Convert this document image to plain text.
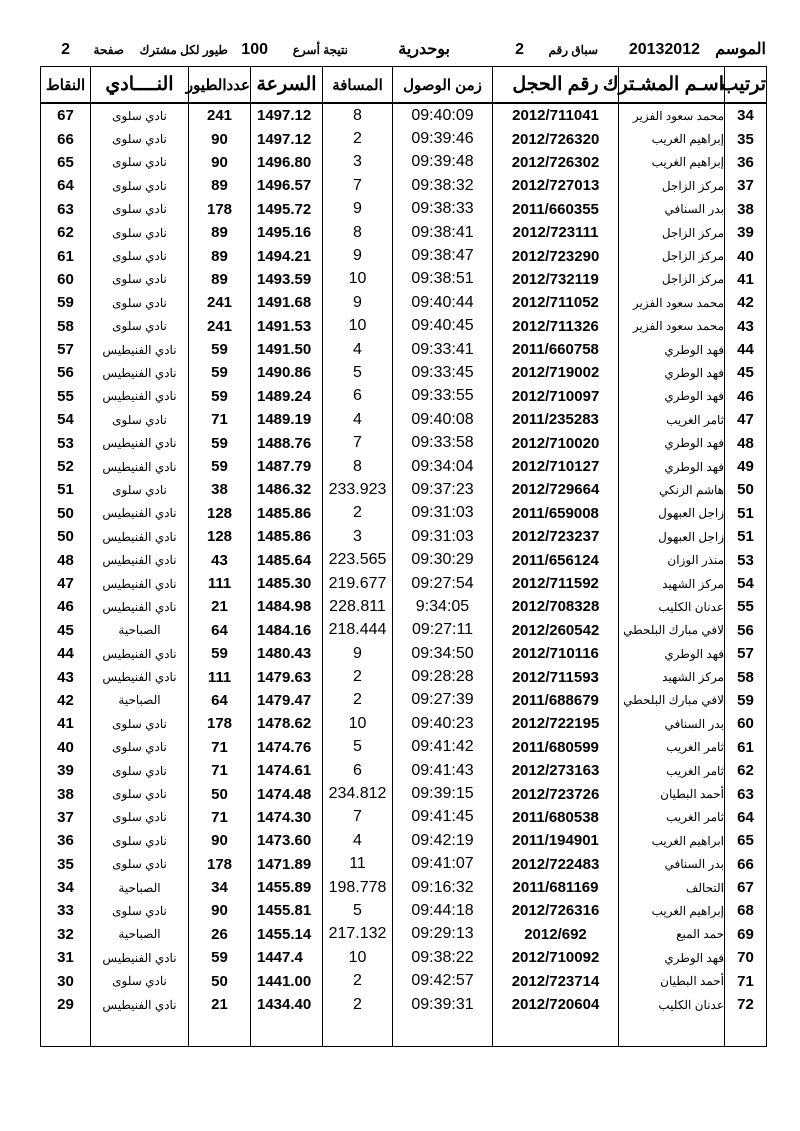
الموسم
20132012
سباق رقم
2
بوحدرية
نتيجة أسرع
100
طيور لكل مشترك
صفحة
2
ترتيب	اسـم المشـترك	رقم الحجل	زمن الوصول	المسافة	السرعة	عددالطيور	النــــادي	النقاط
34	محمد سعود الفزير	2012/711041	09:40:09	8	1497.12	241	نادي سلوى	67
35	إبراهيم الغريب	2012/726320	09:39:46	2	1497.12	90	نادي سلوى	66
36	إبراهيم الغريب	2012/726302	09:39:48	3	1496.80	90	نادي سلوى	65
37	مركز الزاجل	2012/727013	09:38:32	7	1496.57	89	نادي سلوى	64
38	بدر السنافي	2011/660355	09:38:33	9	1495.72	178	نادي سلوى	63
39	مركز الزاجل	2012/723111	09:38:41	8	1495.16	89	نادي سلوى	62
40	مركز الزاجل	2012/723290	09:38:47	9	1494.21	89	نادي سلوى	61
41	مركز الزاجل	2012/732119	09:38:51	10	1493.59	89	نادي سلوى	60
42	محمد سعود الفزير	2012/711052	09:40:44	9	1491.68	241	نادي سلوى	59
43	محمد سعود الفزير	2012/711326	09:40:45	10	1491.53	241	نادي سلوى	58
44	فهد الوطري	2011/660758	09:33:41	4	1491.50	59	نادي الفنيطيس	57
45	فهد الوطري	2012/719002	09:33:45	5	1490.86	59	نادي الفنيطيس	56
46	فهد الوطري	2012/710097	09:33:55	6	1489.24	59	نادي الفنيطيس	55
47	ثامر الغريب	2011/235283	09:40:08	4	1489.19	71	نادي سلوى	54
48	فهد الوطري	2012/710020	09:33:58	7	1488.76	59	نادي الفنيطيس	53
49	فهد الوطري	2012/710127	09:34:04	8	1487.79	59	نادي الفنيطيس	52
50	هاشم الزنكي	2012/729664	09:37:23	233.923	1486.32	38	نادي سلوى	51
51	زاجل العبهول	2011/659008	09:31:03	2	1485.86	128	نادي الفنيطيس	50
51	زاجل العبهول	2012/723237	09:31:03	3	1485.86	128	نادي الفنيطيس	50
53	منذر الوزان	2011/656124	09:30:29	223.565	1485.64	43	نادي الفنيطيس	48
54	مركز الشهيد	2012/711592	09:27:54	219.677	1485.30	111	نادي الفنيطيس	47
55	عدنان الكليب	2012/708328	9:34:05	228.811	1484.98	21	نادي الفنيطيس	46
56	لافي مبارك البلحطي	2012/260542	09:27:11	218.444	1484.16	64	الصباحية	45
57	فهد الوطري	2012/710116	09:34:50	9	1480.43	59	نادي الفنيطيس	44
58	مركز الشهيد	2012/711593	09:28:28	2	1479.63	111	نادي الفنيطيس	43
59	لافي مبارك البلحطي	2011/688679	09:27:39	2	1479.47	64	الصباحية	42
60	بدر السنافي	2012/722195	09:40:23	10	1478.62	178	نادي سلوى	41
61	ثامر الغريب	2011/680599	09:41:42	5	1474.76	71	نادي سلوى	40
62	ثامر الغريب	2012/273163	09:41:43	6	1474.61	71	نادي سلوى	39
63	أحمد البطيان	2012/723726	09:39:15	234.812	1474.48	50	نادي سلوى	38
64	ثامر الغريب	2011/680538	09:41:45	7	1474.30	71	نادي سلوى	37
65	ابراهيم الغريب	2011/194901	09:42:19	4	1473.60	90	نادي سلوى	36
66	بدر السنافي	2012/722483	09:41:07	11	1471.89	178	نادي سلوى	35
67	التحالف	2011/681169	09:16:32	198.778	1455.89	34	الصباحية	34
68	إبراهيم الغريب	2012/726316	09:44:18	5	1455.81	90	نادي سلوى	33
69	حمد المبع	2012/692	09:29:13	217.132	1455.14	26	الصباحية	32
70	فهد الوطري	2012/710092	09:38:22	10	1447.4	59	نادي الفنيطيس	31
71	أحمد البطيان	2012/723714	09:42:57	2	1441.00	50	نادي سلوى	30
72	عدنان الكليب	2012/720604	09:39:31	2	1434.40	21	نادي الفنيطيس	29
